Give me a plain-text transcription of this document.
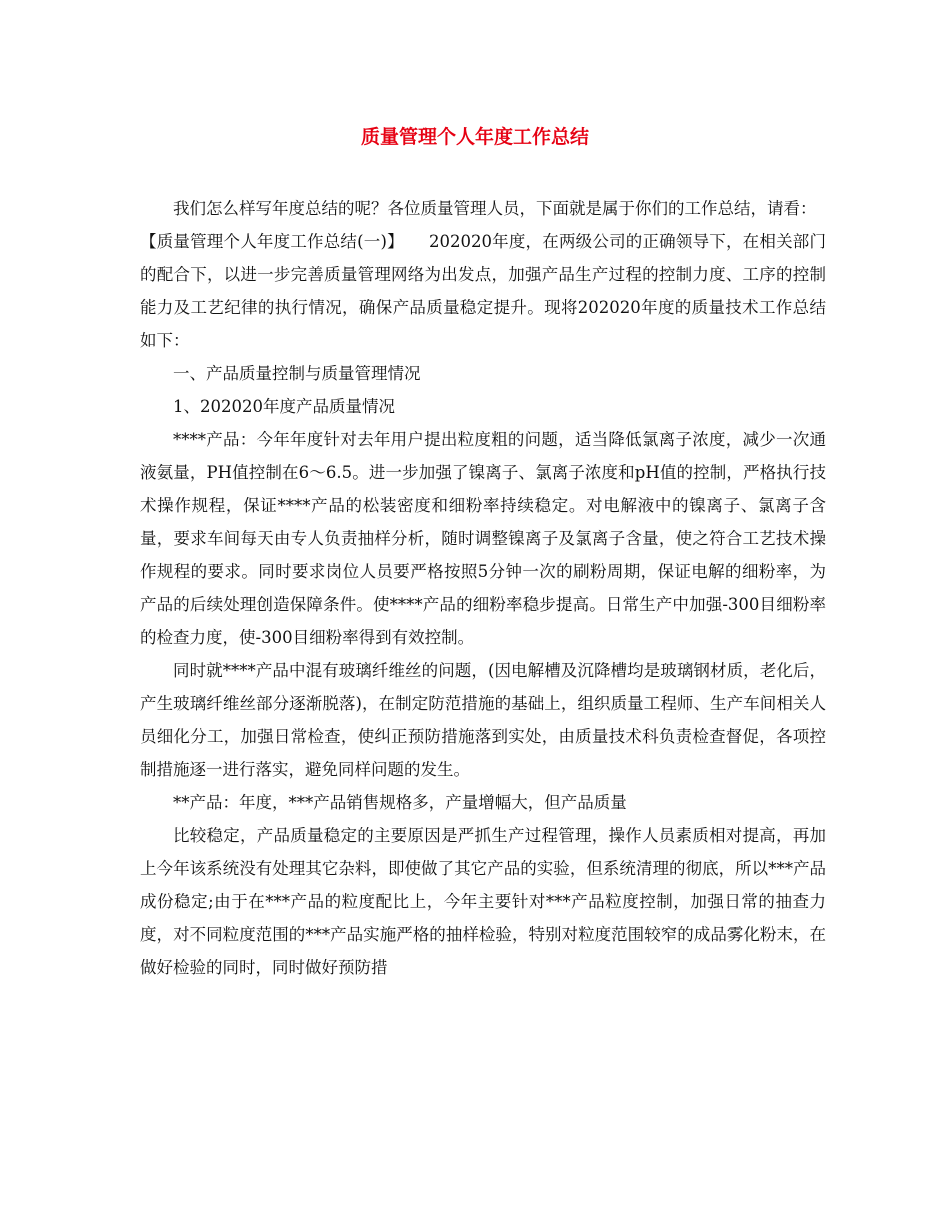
质量管理个人年度工作总结

我们怎么样写年度总结的呢？各位质量管理人员，下面就是属于你们的工作总结，请看：

【质量管理个人年度工作总结(一)】　　202020年度，在两级公司的正确领导下，在相关部门的配合下，以进一步完善质量管理网络为出发点，加强产品生产过程的控制力度、工序的控制能力及工艺纪律的执行情况，确保产品质量稳定提升。现将202020年度的质量技术工作总结如下：

一、产品质量控制与质量管理情况

1、202020年度产品质量情况

****产品：今年年度针对去年用户提出粒度粗的问题，适当降低氯离子浓度，减少一次通液氨量，PH值控制在6～6.5。进一步加强了镍离子、氯离子浓度和pH值的控制，严格执行技术操作规程，保证****产品的松装密度和细粉率持续稳定。对电解液中的镍离子、氯离子含量，要求车间每天由专人负责抽样分析，随时调整镍离子及氯离子含量，使之符合工艺技术操作规程的要求。同时要求岗位人员要严格按照5分钟一次的刷粉周期，保证电解的细粉率，为产品的后续处理创造保障条件。使****产品的细粉率稳步提高。日常生产中加强-300目细粉率的检查力度，使-300目细粉率得到有效控制。

同时就****产品中混有玻璃纤维丝的问题，(因电解槽及沉降槽均是玻璃钢材质，老化后，产生玻璃纤维丝部分逐渐脱落)，在制定防范措施的基础上，组织质量工程师、生产车间相关人员细化分工，加强日常检查，使纠正预防措施落到实处，由质量技术科负责检查督促，各项控制措施逐一进行落实，避免同样问题的发生。

**产品：年度，***产品销售规格多，产量增幅大，但产品质量

比较稳定，产品质量稳定的主要原因是严抓生产过程管理，操作人员素质相对提高，再加上今年该系统没有处理其它杂料，即使做了其它产品的实验，但系统清理的彻底，所以***产品成份稳定;由于在***产品的粒度配比上，今年主要针对***产品粒度控制，加强日常的抽查力度，对不同粒度范围的***产品实施严格的抽样检验，特别对粒度范围较窄的成品雾化粉末，在做好检验的同时，同时做好预防措
